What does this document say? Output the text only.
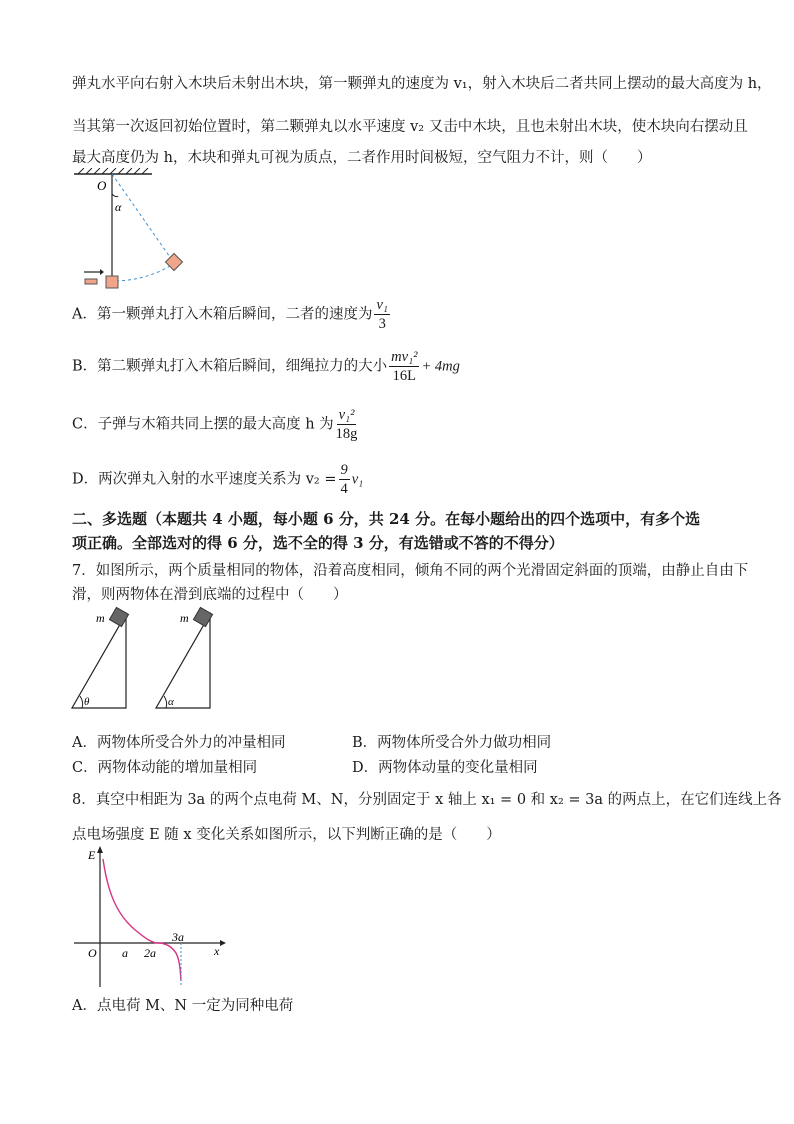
弹丸水平向右射入木块后未射出木块，第一颗弹丸的速度为 v₁，射入木块后二者共同上摆动的最大高度为 h，
当其第一次返回初始位置时，第二颗弹丸以水平速度 v₂ 又击中木块，且也未射出木块，使木块向右摆动且
最大高度仍为 h，木块和弹丸可视为质点，二者作用时间极短，空气阻力不计，则（　　）
O
α
A．第一颗弹丸打入木箱后瞬间，二者的速度为 $\frac{\text{v₁}}{3}$
B．第二颗弹丸打入木箱后瞬间，细绳拉力的大小 $\frac{\text{mv₁²}}{16L} + 4mg$
C．子弹与木箱共同上摆的最大高度 h 为 $\frac{\text{v₁²}}{18g}$
D．两次弹丸入射的水平速度关系为 $v_2 = \frac{9}{4} v_1$
二、多选题（本题共 4 小题，每小题 6 分，共 24 分。在每小题给出的四个选项中，有多个选
项正确。全部选对的得 6 分，选不全的得 3 分，有选错或不答的不得分）
7．如图所示，两个质量相同的物体，沿着高度相同，倾角不同的两个光滑固定斜面的顶端，由静止自由下
滑，则两物体在滑到底端的过程中（　　）
m
θ
m
α
A．两物体所受合外力的冲量相同	B．两物体所受合外力做功相同
C．两物体动能的增加量相同	D．两物体动量的变化量相同
8．真空中相距为 3a 的两个点电荷 M、N，分别固定于 x 轴上 x₁ = 0 和 x₂ = 3a 的两点上，在它们连线上各
点电场强度 E 随 x 变化关系如图所示，以下判断正确的是（　　）
E
x
O a 2a
3a
A．点电荷 M、N 一定为同种电荷
